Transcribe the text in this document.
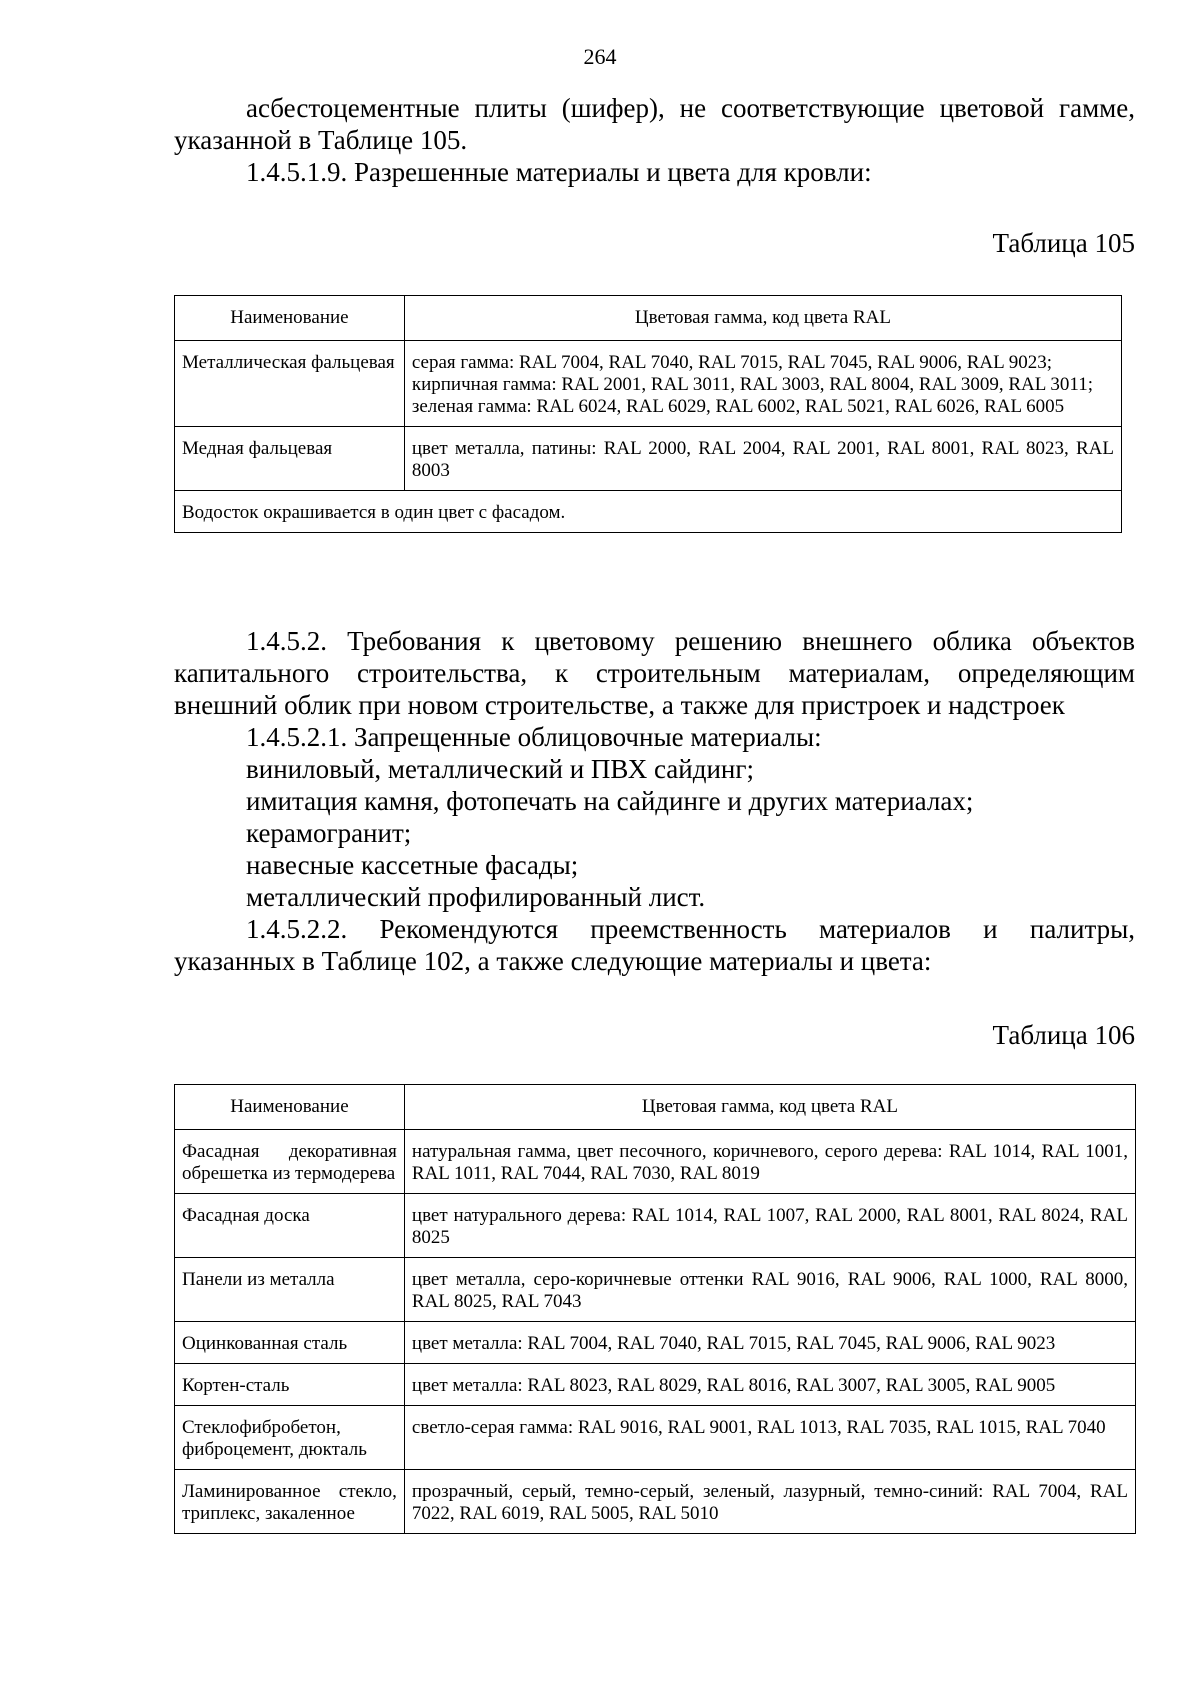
264

асбестоцементные плиты (шифер), не соответствующие цветовой гамме, указанной в Таблице 105.

1.4.5.1.9. Разрешенные материалы и цвета для кровли:

Таблица 105
Наименование	Цветовая гамма, код цвета RAL
Металлическая фальцевая	серая гамма: RAL 7004, RAL 7040, RAL 7015, RAL 7045, RAL 9006, RAL 9023;
кирпичная гамма: RAL 2001, RAL 3011, RAL 3003, RAL 8004, RAL 3009, RAL 3011;
зеленая гамма: RAL 6024, RAL 6029, RAL 6002, RAL 5021, RAL 6026, RAL 6005

Медная фальцевая	цвет металла, патины: RAL 2000, RAL 2004, RAL 2001, RAL 8001, RAL 8023, RAL 8003

Водосток окрашивается в один цвет с фасадом.	

1.4.5.2. Требования к цветовому решению внешнего облика объектов капитального строительства, к строительным материалам, определяющим внешний облик при новом строительстве, а также для пристроек и надстроек

1.4.5.2.1. Запрещенные облицовочные материалы:

виниловый, металлический и ПВХ сайдинг;

имитация камня, фотопечать на сайдинге и других материалах;

керамогранит;

навесные кассетные фасады;

металлический профилированный лист.

1.4.5.2.2. Рекомендуются преемственность материалов и палитры, указанных в Таблице 102, а также следующие материалы и цвета:

Таблица 106
Наименование	Цветовая гамма, код цвета RAL
Фасадная декоративная обрешетка из термодерева	натуральная гамма, цвет песочного, коричневого, серого дерева: RAL 1014, RAL 1001, RAL 1011, RAL 7044, RAL 7030, RAL 8019
Фасадная доска	цвет натурального дерева: RAL 1014, RAL 1007, RAL 2000, RAL 8001, RAL 8024, RAL 8025
Панели из металла	цвет металла, серо-коричневые оттенки RAL 9016, RAL 9006, RAL 1000, RAL 8000, RAL 8025, RAL 7043
Оцинкованная сталь	цвет металла: RAL 7004, RAL 7040, RAL 7015, RAL 7045, RAL 9006, RAL 9023
Кортен-сталь	цвет металла: RAL 8023, RAL 8029, RAL 8016, RAL 3007, RAL 3005, RAL 9005
Стеклофибробетон, фиброцемент, дюкталь	светло-серая гамма: RAL 9016, RAL 9001, RAL 1013, RAL 7035, RAL 1015, RAL 7040
Ламинированное стекло, триплекс, закаленное	прозрачный, серый, темно-серый, зеленый, лазурный, темно-синий: RAL 7004, RAL 7022, RAL 6019, RAL 5005, RAL 5010
